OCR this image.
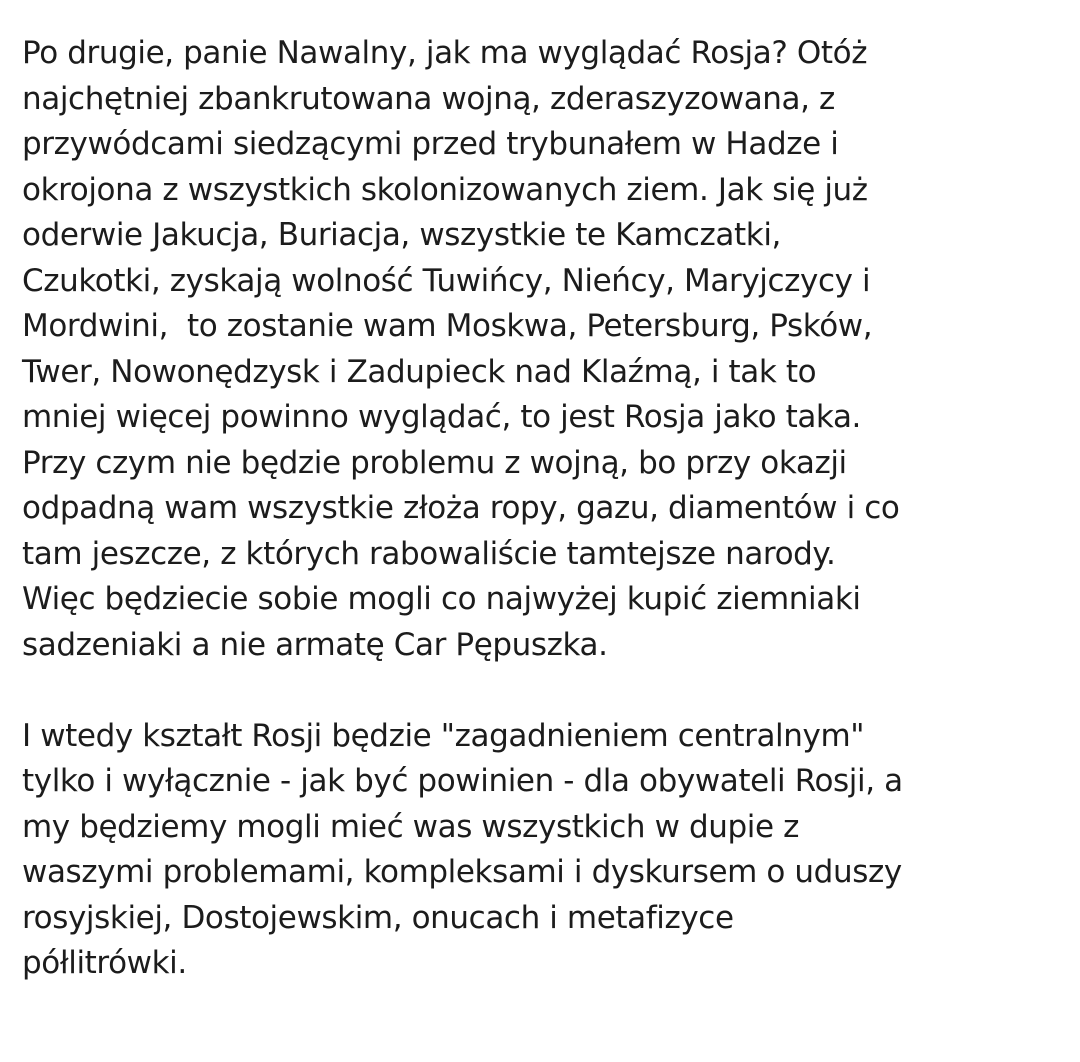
Po drugie, panie Nawalny, jak ma wyglądać Rosja? Otóż
najchętniej zbankrutowana wojną, zderaszyzowana, z
przywódcami siedzącymi przed trybunałem w Hadze i
okrojona z wszystkich skolonizowanych ziem. Jak się już
oderwie Jakucja, Buriacja, wszystkie te Kamczatki,
Czukotki, zyskają wolność Tuwińcy, Nieńcy, Maryjczycy i
Mordwini,  to zostanie wam Moskwa, Petersburg, Psków,
Twer, Nowonędzysk i Zadupieck nad Klaźmą, i tak to
mniej więcej powinno wyglądać, to jest Rosja jako taka.
Przy czym nie będzie problemu z wojną, bo przy okazji
odpadną wam wszystkie złoża ropy, gazu, diamentów i co
tam jeszcze, z których rabowaliście tamtejsze narody.
Więc będziecie sobie mogli co najwyżej kupić ziemniaki
sadzeniaki a nie armatę Car Pępuszka.

I wtedy kształt Rosji będzie "zagadnieniem centralnym"
tylko i wyłącznie - jak być powinien - dla obywateli Rosji, a
my będziemy mogli mieć was wszystkich w dupie z
waszymi problemami, kompleksami i dyskursem o uduszy
rosyjskiej, Dostojewskim, onucach i metafizyce
półlitrówki.
